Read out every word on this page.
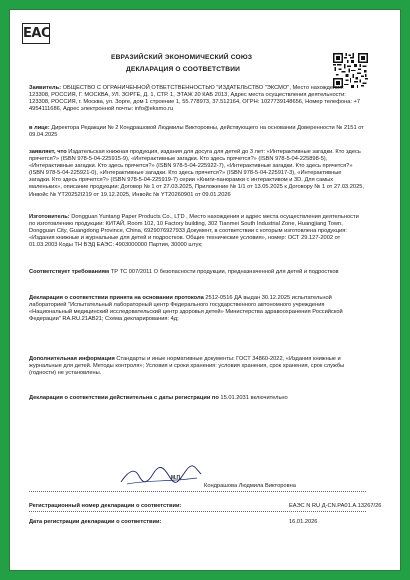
EAC
ЕВРАЗИЙСКИЙ ЭКОНОМИЧЕСКИЙ СОЮЗ
ДЕКЛАРАЦИЯ О СООТВЕТСТВИИ
Заявитель: ОБЩЕСТВО С ОГРАНИЧЕННОЙ ОТВЕТСТВЕННОСТЬЮ "ИЗДАТЕЛЬСТВО "ЭКСМО", Место нахождения: 123308, РОССИЯ, Г. МОСКВА, УЛ. ЗОРГЕ, Д. 1, СТР. 1, ЭТАЖ 20 КАБ 2013, Адрес места осуществления деятельности: 123308, РОССИЯ, г. Москва, ул. Зорге, дом 1 строение 1, 55.778973, 37.512164, ОГРН: 1027739148656, Номер телефона: +7 4954111686, Адрес электронной почты: info@eksmo.ru
в лице: Директора Редакции № 2 Кондрашовой Людмилы Викторовны, действующего на основании Доверенности № 2151 от 09.04.2025
заявляет, что Издательская книжная продукция, издания для досуга для детей до 3 лет: «Интерактивные загадки. Кто здесь прячется?» (ISBN 978-5-04-225915-9), «Интерактивные загадки. Кто здесь прячется?» (ISBN 978-5-04-225898-5), «Интерактивные загадки. Кто здесь прячется?» (ISBN 978-5-04-225922-7), «Интерактивные загадки. Кто здесь прячется?» (ISBN 978-5-04-225921-0), «Интерактивные загадки. Кто здесь прячется?» (ISBN 978-5-04-225917-3), «Интерактивные загадки. Кто здесь прячется?» (ISBN 978-5-04-225919-7) серии «Книги-панорамки с интерактивом и 3D. Для самых маленьких», описание продукции: Договор № 1 от 27.03.2025, Приложение № 1/1 от 13.05.2025 к Договору № 1 от 27.03.2025, Инвойс № YT20252I219 от 19.12.2025, Инвойс № YT20260901 от 09.01.2026
Изготовитель: Dongguan Yuntang Paper Products Co., LTD , Место нахождения и адрес места осуществления деятельности по изготовлению продукции: КИТАЙ, Room 102, 10 Factory building, 302 Tianmei South Industrial Zone, Huangjiang Town, Dongguan City, Guangdong Province, China, 6929076927933 Документ, в соответствии с которым изготовлена продукция: «Издания книжные и журнальные для детей и подростков. Общие технические условия», номер: ОСТ 29.127-2002 от 01.03.2003 Коды ТН ВЭД ЕАЭС: 4903000000 Партия, 30000 штук;
Соответствует требованиям ТР ТС 007/2011 О безопасности продукции, предназначенной для детей и подростков
Декларация о соответствии принята на основании протокола 2512-0516 ДА выдан 30.12.2025 испытательной лабораторией "Испытательный лабораторный центр Федерального государственного автономного учреждения «Национальный медицинский исследовательский центр здоровья детей» Министерства здравоохранения Российской Федерации" RA.RU.21AB21; Схема декларирования: 4д;
Дополнительная информация Стандарты и иные нормативные документы: ГОСТ 34860-2022, «Издания книжные и журнальные для детей. Методы контроля»; Условия и сроки хранения: условия хранения, срок хранения, срок службы (годности) не установлены.
Декларация о соответствии действительна с даты регистрации по 15.01.2031 включительно
М.П.
Кондрашова Людмила Викторовна
Регистрационный номер декларации о соответствии:	ЕАЭС N RU Д-CN.PA01.A.13267/26
Дата регистрации декларации о соответствии:	16.01.2026
